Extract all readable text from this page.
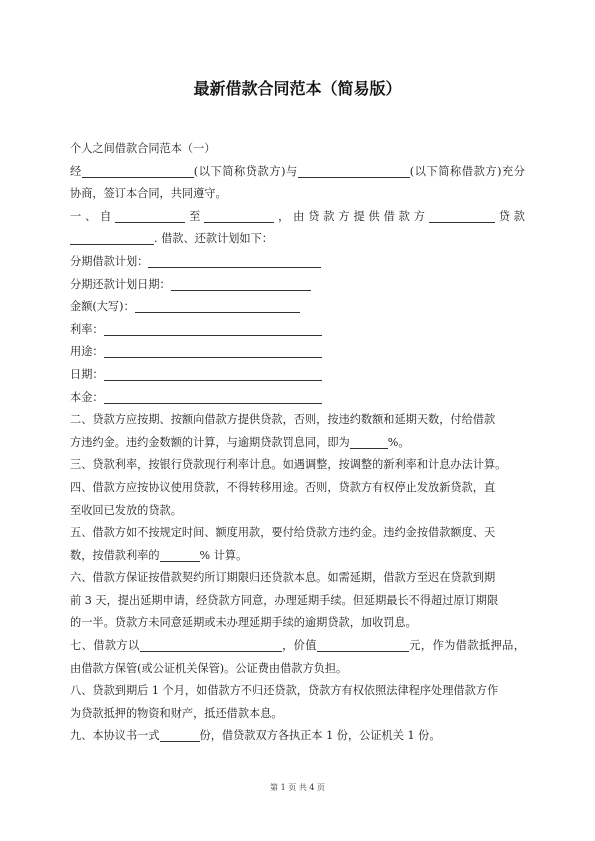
最新借款合同范本（简易版）
个人之间借款合同范本（一）
经	(以下简称贷款方)与	(以下简称借款方)充分
协商，签订本合同，共同遵守。
一、自	至	，由贷款方提供借款方	贷款
. 借款、还款计划如下：
分期借款计划：
分期还款计划日期：
金额(大写)：
利率：
用途：
日期：
本金：
二、贷款方应按期、按额向借款方提供贷款，否则，按违约数额和延期天数，付给借款
方违约金。违约金数额的计算，与逾期贷款罚息同，即为	%。
三、贷款利率，按银行贷款现行利率计息。如遇调整，按调整的新利率和计息办法计算。
四、借款方应按协议使用贷款，不得转移用途。否则，贷款方有权停止发放新贷款，直
至收回已发放的贷款。
五、借款方如不按规定时间、额度用款，要付给贷款方违约金。违约金按借款额度、天
数，按借款利率的	% 计算。
六、借款方保证按借款契约所订期限归还贷款本息。如需延期，借款方至迟在贷款到期
前 3 天，提出延期申请，经贷款方同意，办理延期手续。但延期最长不得超过原订期限
的一半。贷款方未同意延期或未办理延期手续的逾期贷款，加收罚息。
七、借款方以	，价值	元，作为借款抵押品，
由借款方保管(或公证机关保管)。公证费由借款方负担。
八、贷款到期后 1 个月，如借款方不归还贷款，贷款方有权依照法律程序处理借款方作
为贷款抵押的物资和财产，抵还借款本息。
九、本协议书一式	份，借贷款双方各执正本 1 份，公证机关 1 份。
第 1 页 共 4 页
